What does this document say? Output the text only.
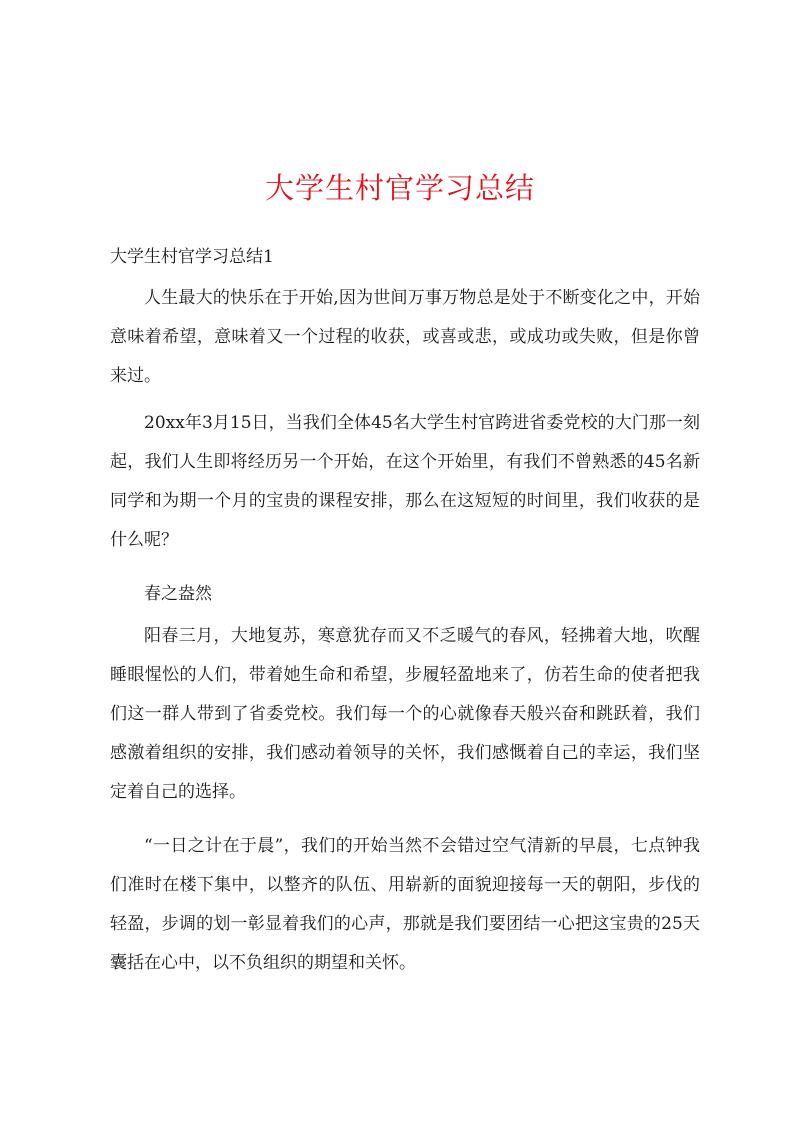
大学生村官学习总结
大学生村官学习总结1

人生最大的快乐在于开始,因为世间万事万物总是处于不断变化之中，开始意味着希望，意味着又一个过程的收获，或喜或悲，或成功或失败，但是你曾来过。

20xx年3月15日，当我们全体45名大学生村官跨进省委党校的大门那一刻起，我们人生即将经历另一个开始，在这个开始里，有我们不曾熟悉的45名新同学和为期一个月的宝贵的课程安排，那么在这短短的时间里，我们收获的是什么呢？

春之盎然

阳春三月，大地复苏，寒意犹存而又不乏暖气的春风，轻拂着大地，吹醒睡眼惺忪的人们，带着她生命和希望，步履轻盈地来了，仿若生命的使者把我们这一群人带到了省委党校。我们每一个的心就像春天般兴奋和跳跃着，我们感激着组织的安排，我们感动着领导的关怀，我们感慨着自己的幸运，我们坚定着自己的选择。

“一日之计在于晨”，我们的开始当然不会错过空气清新的早晨，七点钟我们准时在楼下集中，以整齐的队伍、用崭新的面貌迎接每一天的朝阳，步伐的轻盈，步调的划一彰显着我们的心声，那就是我们要团结一心把这宝贵的25天囊括在心中，以不负组织的期望和关怀。
